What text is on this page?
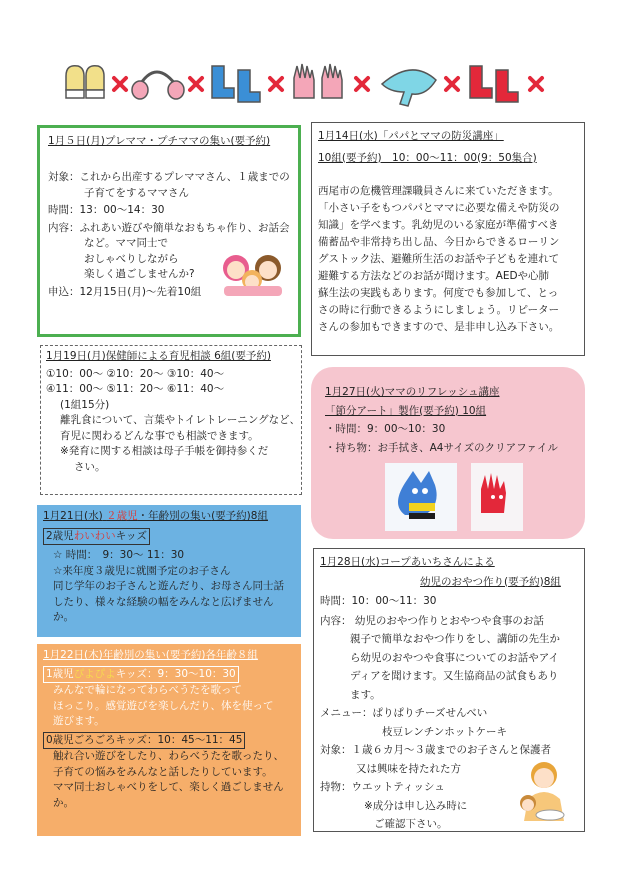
1月５日(月)プレママ・プチママの集い(要予約)
対象：これから出産するプレママさん、１歳までの
子育てをするママさん
時間：13：00～14：30
内容：ふれあい遊びや簡単なおもちゃ作り、お話会
など。ママ同士で
おしゃべりしながら
楽しく過ごしませんか?
申込：12月15日(月)～先着10組
1月14日(水)「パパとママの防災講座」
10組(要予約)　10：00～11：00(9：50集合)
西尾市の危機管理課職員さんに来ていただきます。
「小さい子をもつパパとママに必要な備えや防災の
知識」を学べます。乳幼児のいる家庭が準備すべき
備蓄品や非常持ち出し品、今日からできるローリン
グストック法、避難所生活のお話や子どもを連れて
避難する方法などのお話が聞けます。AEDや心肺
蘇生法の実践もあります。何度でも参加して、とっ
さの時に行動できるようにしましょう。リピーター
さんの参加もできますので、是非申し込み下さい。
1月19日(月)保健師による育児相談 6組(要予約)
①10：00～ ②10：20～ ③10：40～
④11：00～ ⑤11：20～ ⑥11：40～
(1組15分)
離乳食について、言葉やトイレトレーニングなど、
育児に関わるどんな事でも相談できます。
※発育に関する相談は母子手帳を御持参くだ
さい。
1月27日(火)ママのリフレッシュ講座
「節分アート」製作(要予約) 10組
・時間：9：00～10：30
・持ち物：お手拭き、A4サイズのクリアファイル
1月21日(水) ２歳児・年齢別の集い(要予約)8組
2歳児わいわいキッズ
☆ 時間：　9：30～ 11：30
☆来年度３歳児に就園予定のお子さん
同じ学年のお子さんと遊んだり、お母さん同士話
したり、様々な経験の幅をみんなと広げません
か。
1月22日(木)年齢別の集い(要予約)各年齢８組
1歳児ぴよぴよキッズ：9：30～10：30
みんなで輪になってわらべうたを歌って
ほっこり。感覚遊びを楽しんだり、体を使って
遊びます。
0歳児ごろごろキッズ：10：45～11：45
触れ合い遊びをしたり、わらべうたを歌ったり、
子育ての悩みをみんなと話したりしています。
ママ同士おしゃべりをして、楽しく過ごしません
か。
1月28日(水)コープあいちさんによる
幼児のおやつ作り(要予約)8組
時間：10：00～11：30
内容： 幼児のおやつ作りとおやつや食事のお話
親子で簡単なおやつ作りをし、講師の先生か
ら幼児のおやつや食事についてのお話やアイ
ディアを聞けます。又生協商品の試食もあり
ます。
メニュー：ぱりぱりチーズせんべい
枝豆レンチンホットケーキ
対象：１歳６カ月～３歳までのお子さんと保護者
又は興味を持たれた方
持物：ウエットティッシュ
※成分は申し込み時に
ご確認下さい。
